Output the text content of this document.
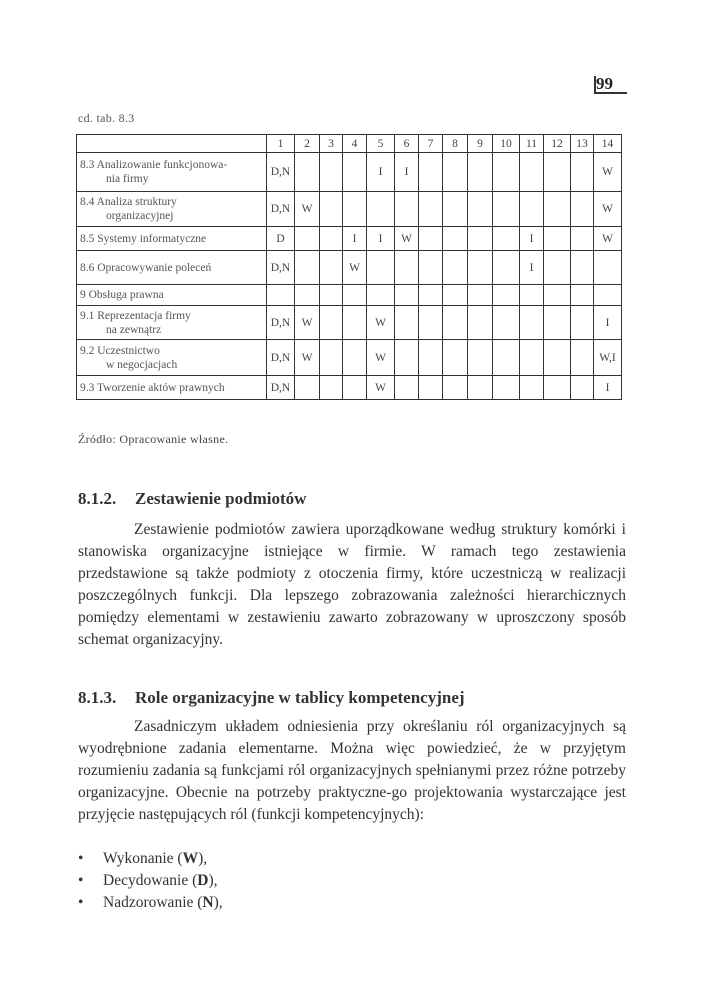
99
cd. tab. 8.3
	1	2	3	4	5	6	7	8	9	10	11	12	13	14
8.3 Analizowanie funkcjonowa-
nia firmy	D,N				I	I								W
8.4 Analiza struktury
organizacyjnej	D,N	W												W
8.5 Systemy informatyczne	D			I	I	W					I			W
8.6 Opracowywanie poleceń	D,N			W							I			
9 Obsługa prawna														
9.1 Reprezentacja firmy
na zewnątrz	D,N	W			W									I
9.2 Uczestnictwo
w negocjacjach	D,N	W			W									W,I
9.3 Tworzenie aktów prawnych	D,N				W									I
Źródło: Opracowanie własne.
8.1.2. Zestawienie podmiotów

Zestawienie podmiotów zawiera uporządkowane według struktury komórki i stanowiska organizacyjne istniejące w firmie. W ramach tego zestawienia przedstawione są także podmioty z otoczenia firmy, które uczestniczą w realizacji poszczególnych funkcji. Dla lepszego zobrazowania zależności hierarchicznych pomiędzy elementami w zestawieniu zawarto zobrazowany w uproszczony sposób schemat organizacyjny.

8.1.3. Role organizacyjne w tablicy kompetencyjnej

Zasadniczym układem odniesienia przy określaniu ról organizacyjnych są wyodrębnione zadania elementarne. Można więc powiedzieć, że w przyjętym rozumieniu zadania są funkcjami ról organizacyjnych spełnianymi przez różne potrzeby organizacyjne. Obecnie na potrzeby praktyczne-go projektowania wystarczające jest przyjęcie następujących ról (funkcji kompetencyjnych):

• Wykonanie (W),
• Decydowanie (D),
• Nadzorowanie (N),
